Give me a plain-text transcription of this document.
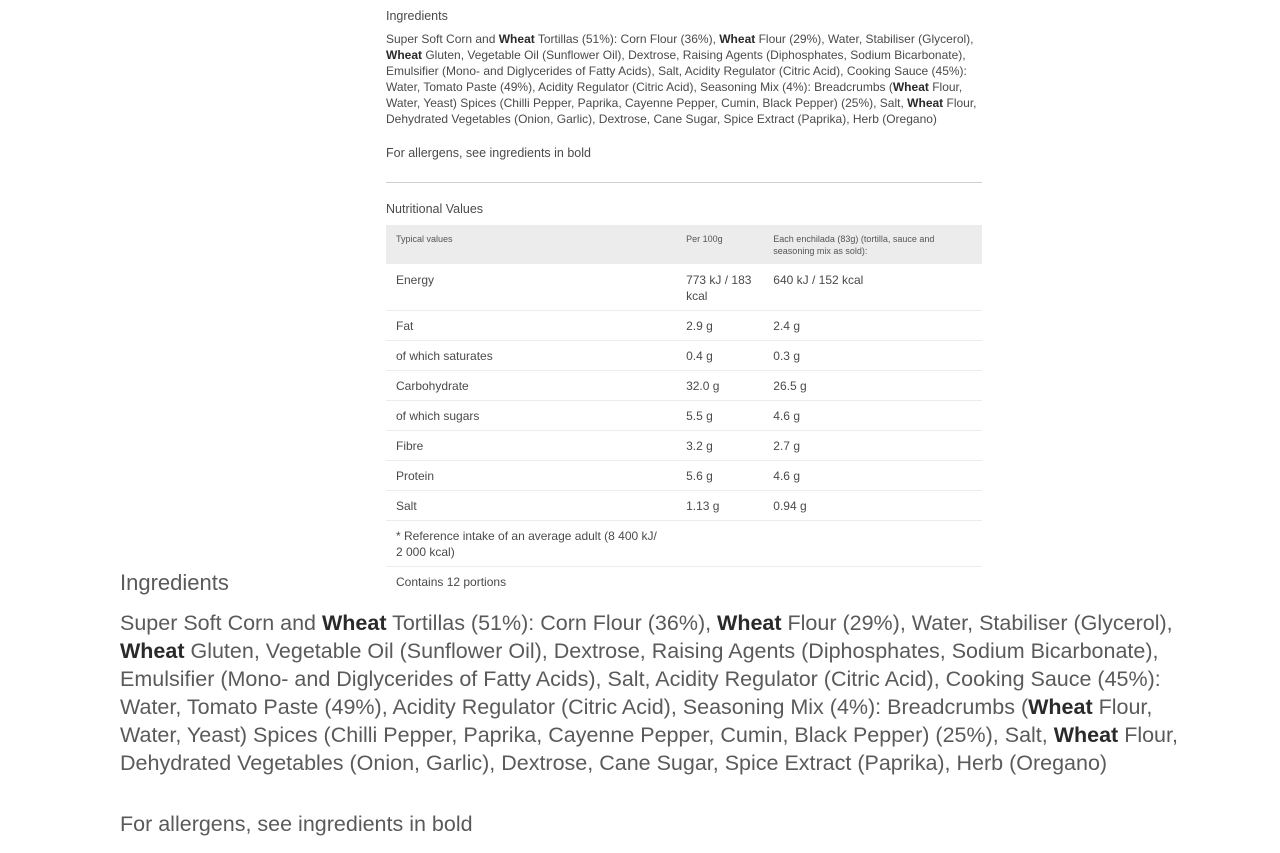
Ingredients

Super Soft Corn and Wheat Tortillas (51%): Corn Flour (36%), Wheat Flour (29%), Water, Stabiliser (Glycerol), Wheat Gluten, Vegetable Oil (Sunflower Oil), Dextrose, Raising Agents (Diphosphates, Sodium Bicarbonate), Emulsifier (Mono- and Diglycerides of Fatty Acids), Salt, Acidity Regulator (Citric Acid), Cooking Sauce (45%): Water, Tomato Paste (49%), Acidity Regulator (Citric Acid), Seasoning Mix (4%): Breadcrumbs (Wheat Flour, Water, Yeast) Spices (Chilli Pepper, Paprika, Cayenne Pepper, Cumin, Black Pepper) (25%), Salt, Wheat Flour, Dehydrated Vegetables (Onion, Garlic), Dextrose, Cane Sugar, Spice Extract (Paprika), Herb (Oregano)
For allergens, see ingredients in bold

Nutritional Values

Typical values	Per 100g	Each enchilada (83g) (tortilla, sauce and seasoning mix as sold):
Energy	773 kJ / 183 kcal	640 kJ / 152 kcal
Fat	2.9 g	2.4 g
of which saturates	0.4 g	0.3 g
Carbohydrate	32.0 g	26.5 g
of which sugars	5.5 g	4.6 g
Fibre	3.2 g	2.7 g
Protein	5.6 g	4.6 g
Salt	1.13 g	0.94 g
* Reference intake of an average adult (8 400 kJ/ 2 000 kcal)		
Contains 12 portions		

Ingredients

Super Soft Corn and Wheat Tortillas (51%): Corn Flour (36%), Wheat Flour (29%), Water, Stabiliser (Glycerol), Wheat Gluten, Vegetable Oil (Sunflower Oil), Dextrose, Raising Agents (Diphosphates, Sodium Bicarbonate), Emulsifier (Mono- and Diglycerides of Fatty Acids), Salt, Acidity Regulator (Citric Acid), Cooking Sauce (45%): Water, Tomato Paste (49%), Acidity Regulator (Citric Acid), Seasoning Mix (4%): Breadcrumbs (Wheat Flour, Water, Yeast) Spices (Chilli Pepper, Paprika, Cayenne Pepper, Cumin, Black Pepper) (25%), Salt, Wheat Flour, Dehydrated Vegetables (Onion, Garlic), Dextrose, Cane Sugar, Spice Extract (Paprika), Herb (Oregano)
For allergens, see ingredients in bold
